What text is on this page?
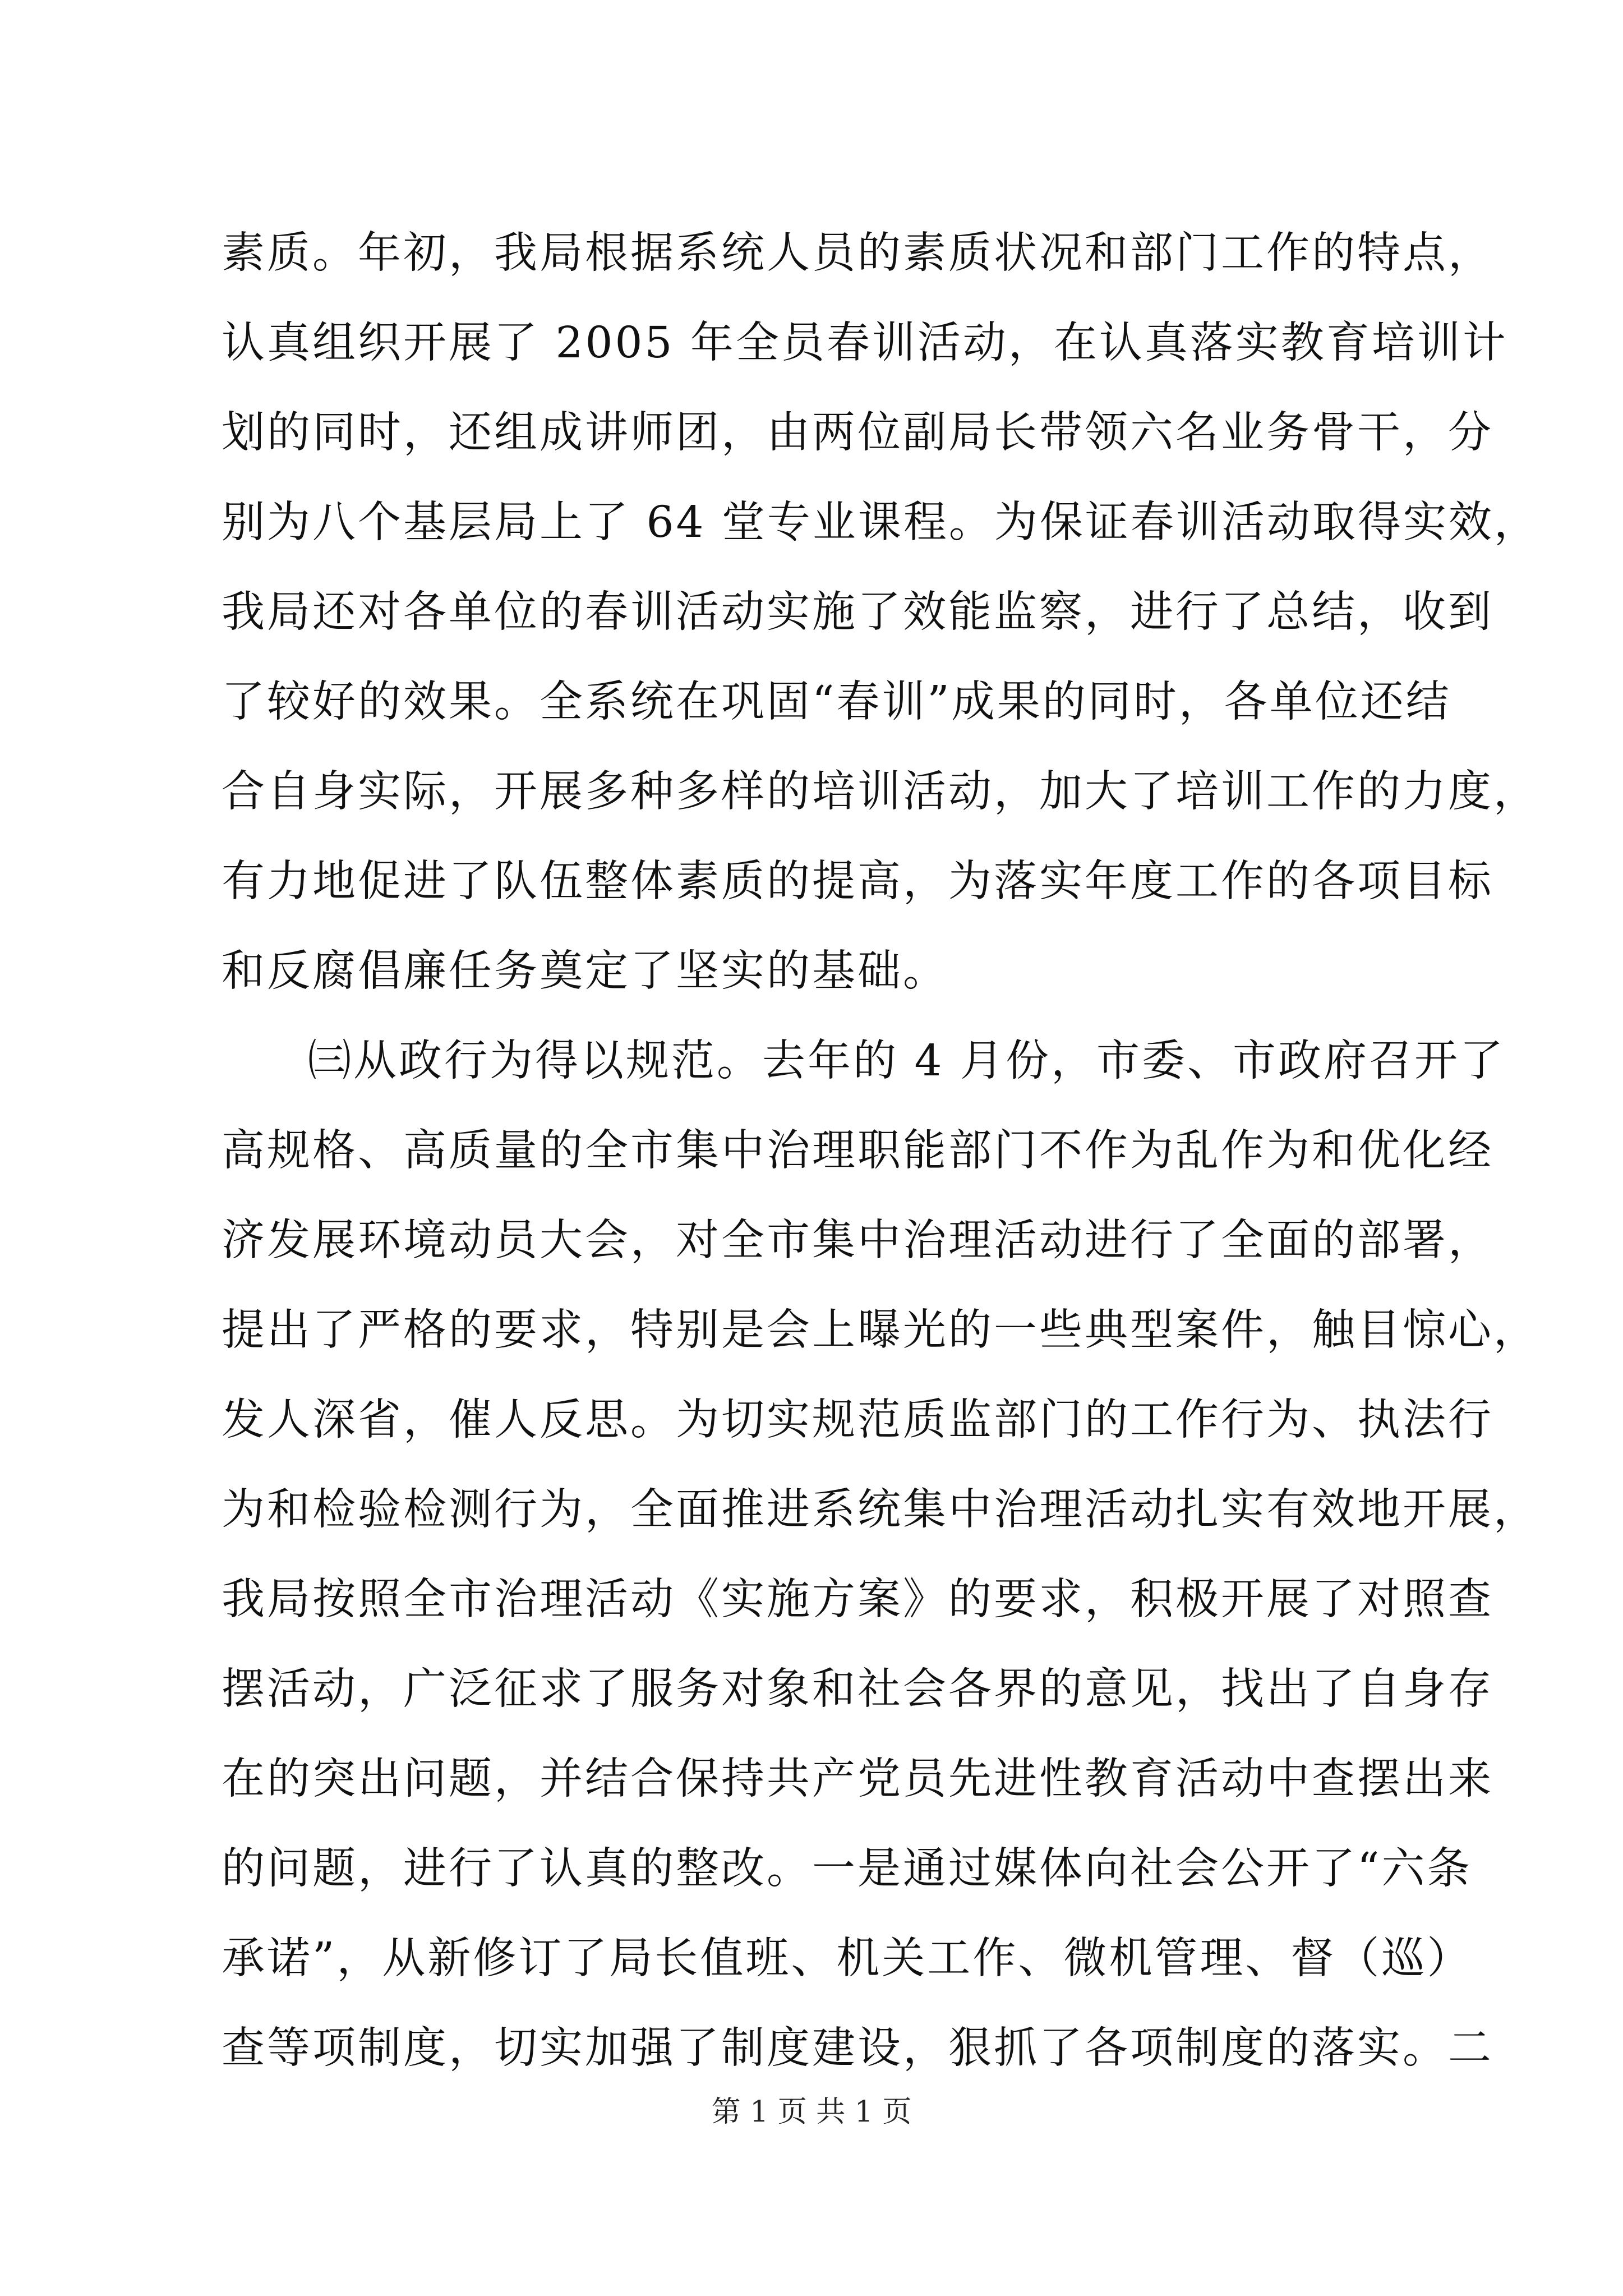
素质。年初，我局根据系统人员的素质状况和部门工作的特点，
认真组织开展了 2005 年全员春训活动，在认真落实教育培训计
划的同时，还组成讲师团，由两位副局长带领六名业务骨干，分
别为八个基层局上了 64 堂专业课程。为保证春训活动取得实效，
我局还对各单位的春训活动实施了效能监察，进行了总结，收到
了较好的效果。全系统在巩固“春训”成果的同时，各单位还结
合自身实际，开展多种多样的培训活动，加大了培训工作的力度，
有力地促进了队伍整体素质的提高，为落实年度工作的各项目标
和反腐倡廉任务奠定了坚实的基础。
㈢从政行为得以规范。去年的 4 月份，市委、市政府召开了
高规格、高质量的全市集中治理职能部门不作为乱作为和优化经
济发展环境动员大会，对全市集中治理活动进行了全面的部署，
提出了严格的要求，特别是会上曝光的一些典型案件，触目惊心，
发人深省，催人反思。为切实规范质监部门的工作行为、执法行
为和检验检测行为，全面推进系统集中治理活动扎实有效地开展，
我局按照全市治理活动《实施方案》的要求，积极开展了对照查
摆活动，广泛征求了服务对象和社会各界的意见，找出了自身存
在的突出问题，并结合保持共产党员先进性教育活动中查摆出来
的问题，进行了认真的整改。一是通过媒体向社会公开了“六条
承诺”，从新修订了局长值班、机关工作、微机管理、督（巡）
查等项制度，切实加强了制度建设，狠抓了各项制度的落实。二
第 1 页 共 1 页
